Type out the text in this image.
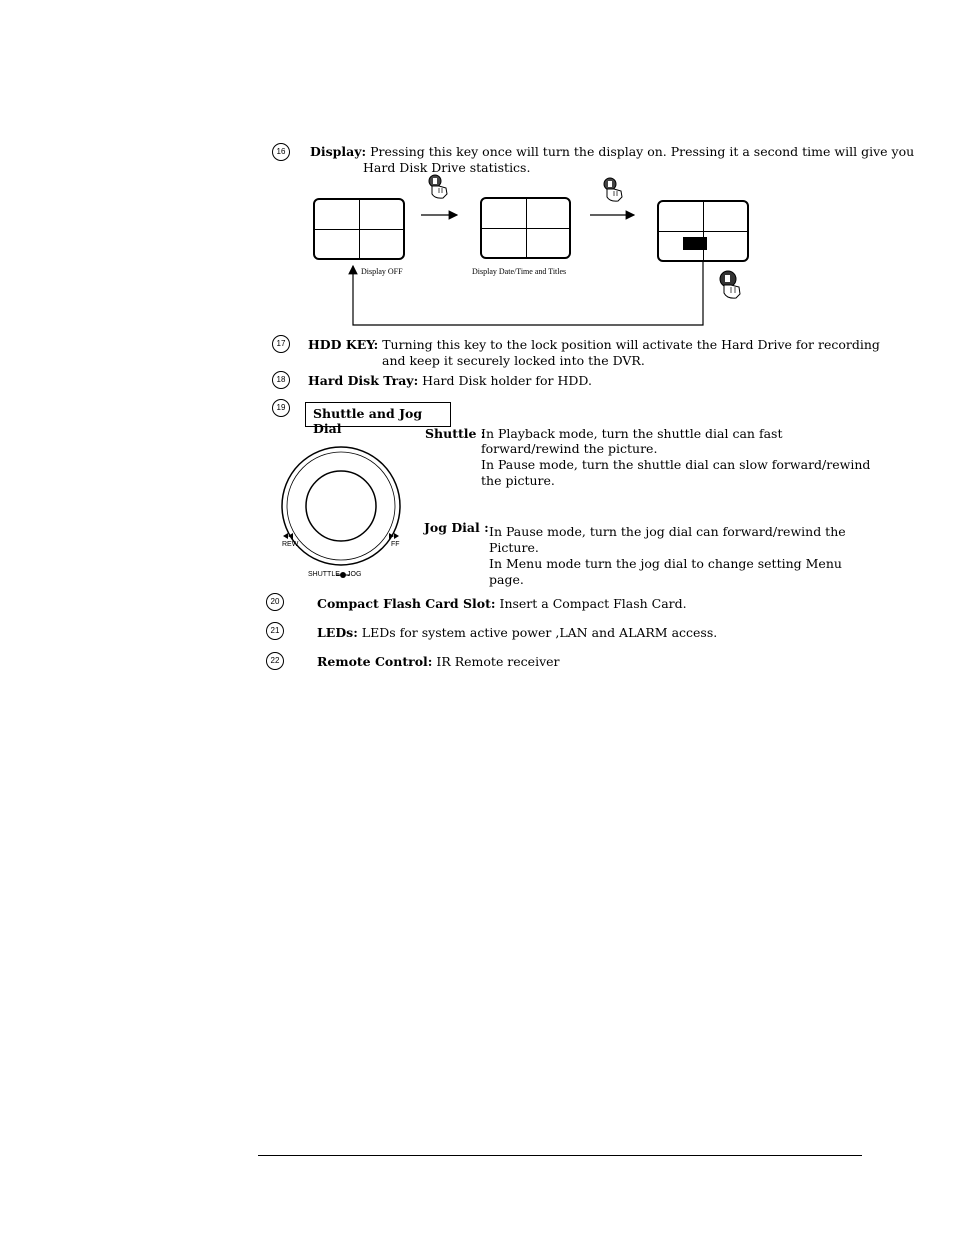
16	Display: Pressing this key once will turn the display on. Pressing it a second time will give you
Hard Disk Drive statistics.
Display OFF	Display Date/Time and Titles
17	HDD KEY: Turning this key to the lock position will activate the Hard Drive for recording
and keep it securely locked into the DVR.
18	Hard Disk Tray: Hard Disk holder for HDD.
19	Shuttle and Jog Dial
REW	FF
SHUTTLE JOG
Shuttle :
In Playback mode, turn the shuttle dial can fast
forward/rewind the picture.
In Pause mode, turn the shuttle dial can slow forward/rewind
the picture.
Jog Dial : In Pause mode, turn the jog dial can forward/rewind the
Picture.
In Menu mode turn the jog dial to change setting Menu
page.
20	Compact Flash Card Slot: Insert a Compact Flash Card.
21	LEDs: LEDs for system active power ,LAN and ALARM access.
22	Remote Control: IR Remote receiver
